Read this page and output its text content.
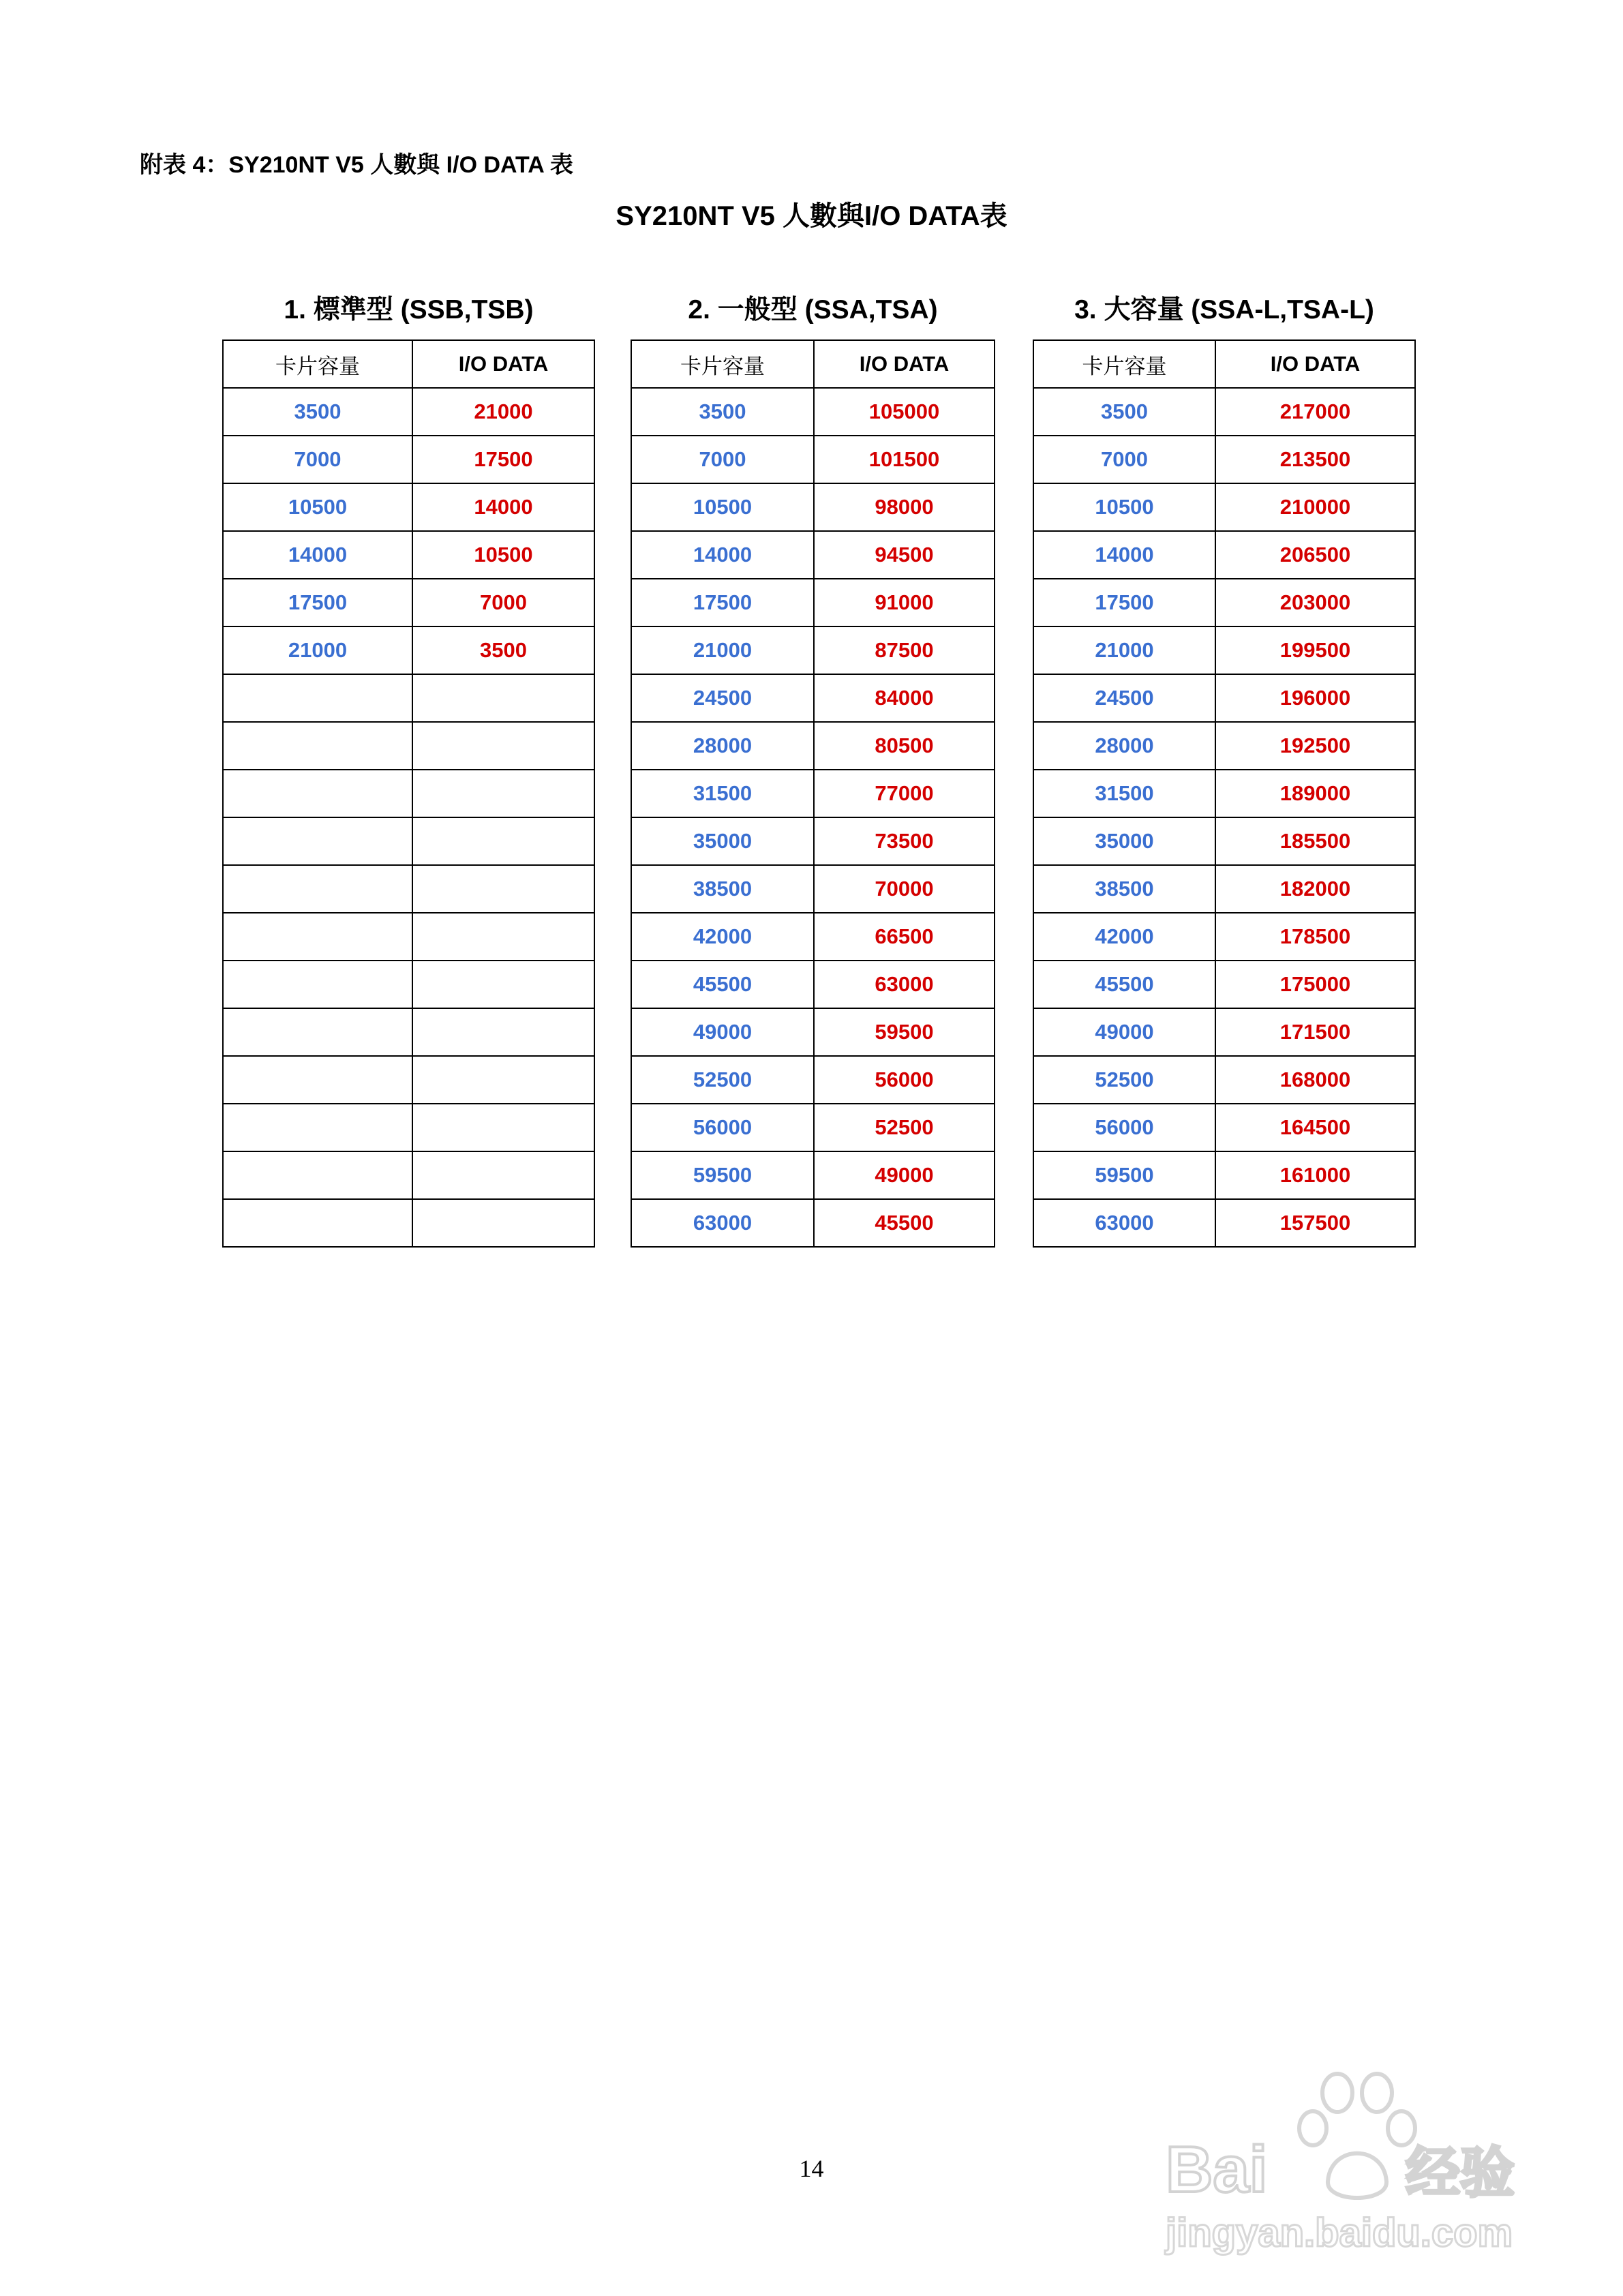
附表 4：SY210NT V5 人數與 I/O DATA 表
SY210NT V5 人數與I/O DATA表
1. 標準型 (SSB,TSB)
卡片容量	I/O DATA
3500	21000
7000	17500
10500	14000
14000	10500
17500	7000
21000	3500

2. 一般型 (SSA,TSA)
卡片容量	I/O DATA
3500	105000
7000	101500
10500	98000
14000	94500
17500	91000
21000	87500
24500	84000
28000	80500
31500	77000
35000	73500
38500	70000
42000	66500
45500	63000
49000	59500
52500	56000
56000	52500
59500	49000
63000	45500
3. 大容量 (SSA-L,TSA-L)
卡片容量	I/O DATA
3500	217000
7000	213500
10500	210000
14000	206500
17500	203000
21000	199500
24500	196000
28000	192500
31500	189000
35000	185500
38500	182000
42000	178500
45500	175000
49000	171500
52500	168000
56000	164500
59500	161000
63000	157500
14	Bai	经验
jingyan.baidu.com
